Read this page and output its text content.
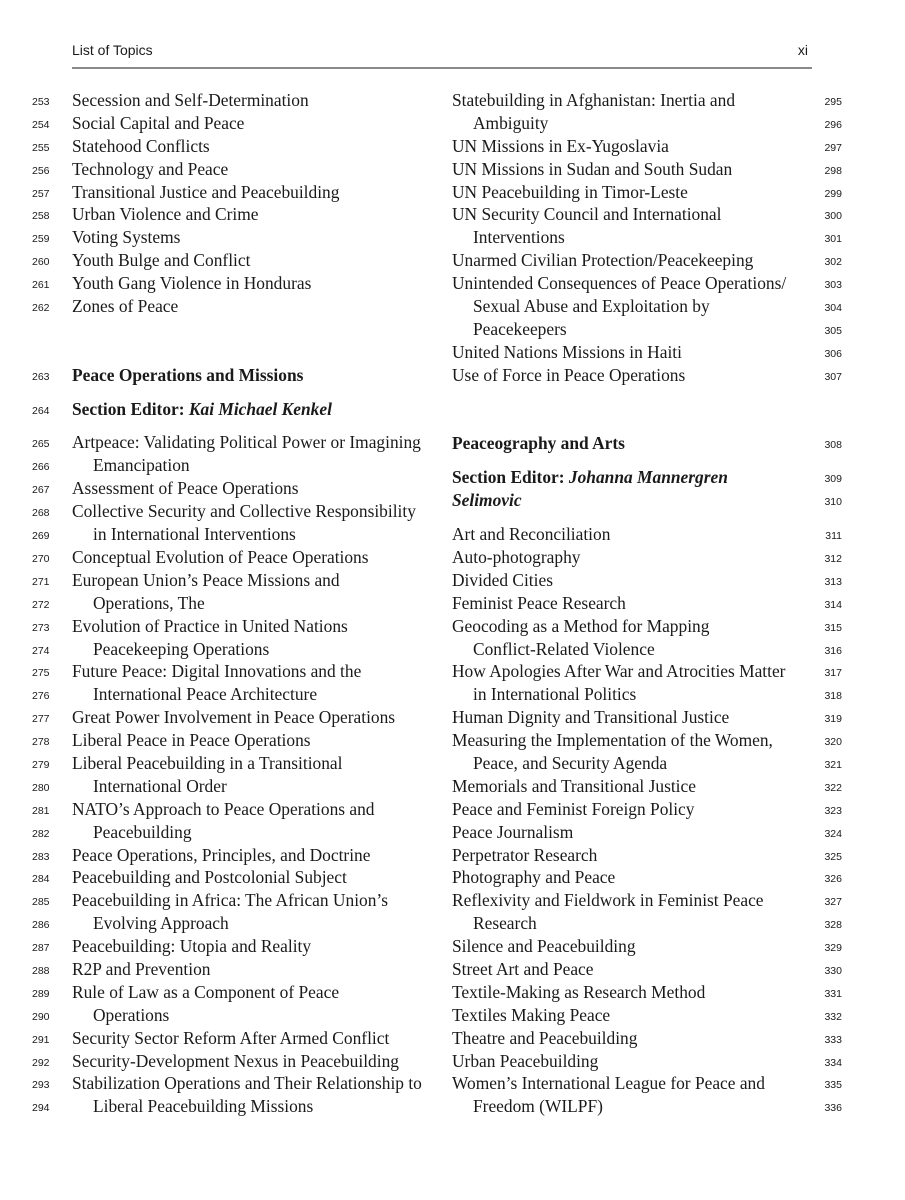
List of Topics	xi
253	Secession and Self-Determination
254	Social Capital and Peace
255	Statehood Conflicts
256	Technology and Peace
257	Transitional Justice and Peacebuilding
258	Urban Violence and Crime
259	Voting Systems
260	Youth Bulge and Conflict
261	Youth Gang Violence in Honduras
262	Zones of Peace
263	Peace Operations and Missions
264	Section Editor: Kai Michael Kenkel
265	Artpeace: Validating Political Power or Imagining
266	Emancipation
267	Assessment of Peace Operations
268	Collective Security and Collective Responsibility
269	in International Interventions
270	Conceptual Evolution of Peace Operations
271	European Union’s Peace Missions and
272	Operations, The
273	Evolution of Practice in United Nations
274	Peacekeeping Operations
275	Future Peace: Digital Innovations and the
276	International Peace Architecture
277	Great Power Involvement in Peace Operations
278	Liberal Peace in Peace Operations
279	Liberal Peacebuilding in a Transitional
280	International Order
281	NATO’s Approach to Peace Operations and
282	Peacebuilding
283	Peace Operations, Principles, and Doctrine
284	Peacebuilding and Postcolonial Subject
285	Peacebuilding in Africa: The African Union’s
286	Evolving Approach
287	Peacebuilding: Utopia and Reality
288	R2P and Prevention
289	Rule of Law as a Component of Peace
290	Operations
291	Security Sector Reform After Armed Conflict
292	Security-Development Nexus in Peacebuilding
293	Stabilization Operations and Their Relationship to
294	Liberal Peacebuilding Missions
Statebuilding in Afghanistan: Inertia and	295
Ambiguity	296
UN Missions in Ex-Yugoslavia	297
UN Missions in Sudan and South Sudan	298
UN Peacebuilding in Timor-Leste	299
UN Security Council and International	300
Interventions	301
Unarmed Civilian Protection/Peacekeeping	302
Unintended Consequences of Peace Operations/	303
Sexual Abuse and Exploitation by	304
Peacekeepers	305
United Nations Missions in Haiti	306
Use of Force in Peace Operations	307
Peaceography and Arts	308
Section Editor: Johanna Mannergren	309
Selimovic	310
Art and Reconciliation	311
Auto-photography	312
Divided Cities	313
Feminist Peace Research	314
Geocoding as a Method for Mapping	315
Conflict-Related Violence	316
How Apologies After War and Atrocities Matter	317
in International Politics	318
Human Dignity and Transitional Justice	319
Measuring the Implementation of the Women,	320
Peace, and Security Agenda	321
Memorials and Transitional Justice	322
Peace and Feminist Foreign Policy	323
Peace Journalism	324
Perpetrator Research	325
Photography and Peace	326
Reflexivity and Fieldwork in Feminist Peace	327
Research	328
Silence and Peacebuilding	329
Street Art and Peace	330
Textile-Making as Research Method	331
Textiles Making Peace	332
Theatre and Peacebuilding	333
Urban Peacebuilding	334
Women’s International League for Peace and	335
Freedom (WILPF)	336
